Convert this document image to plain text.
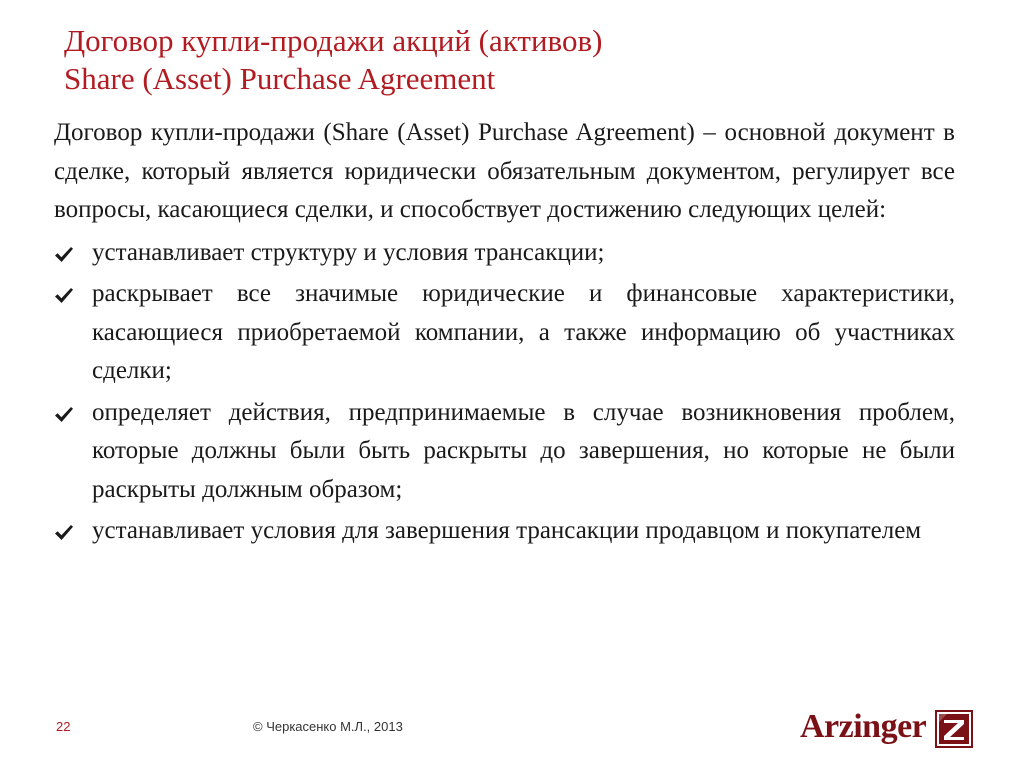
Договор купли-продажи акций (активов)
Share (Asset) Purchase Agreement

Договор купли-продажи (Share (Asset) Purchase Agreement) – основной документ в сделке, который является юридически обязательным документом, регулирует все вопросы, касающиеся сделки, и способствует достижению следующих целей:

устанавливает структуру и условия трансакции;
раскрывает все значимые юридические и финансовые характеристики, касающиеся приобретаемой компании, а также информацию об участниках сделки;
определяет действия, предпринимаемые в случае возникновения проблем, которые должны были быть раскрыты до завершения, но которые не были раскрыты должным образом;
устанавливает условия для завершения трансакции продавцом и покупателем
22	© Черкасенко М.Л., 2013	Arzinger
